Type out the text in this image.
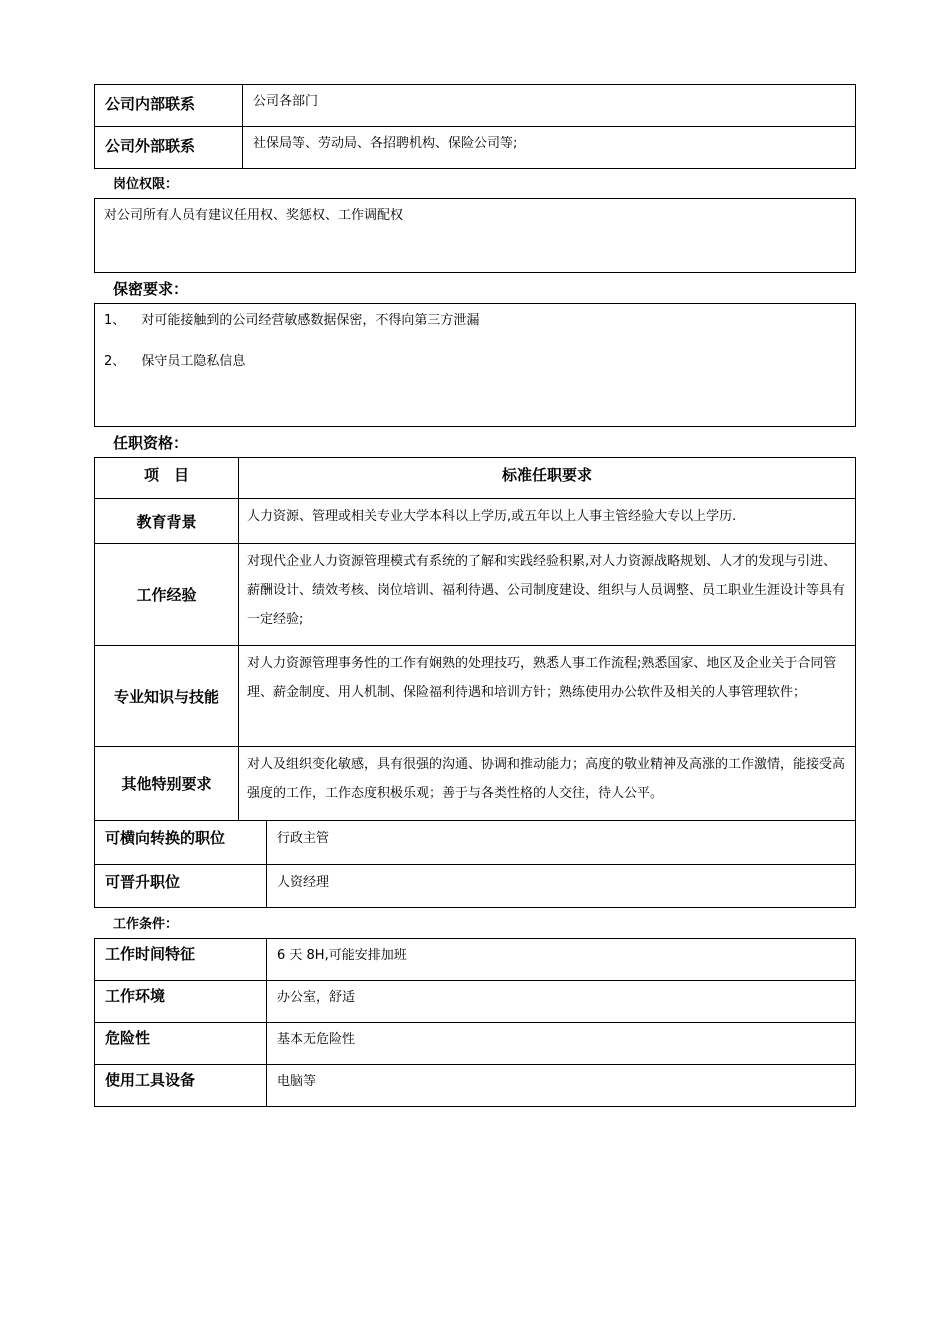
公司内部联系	公司各部门
公司外部联系	社保局等、劳动局、各招聘机构、保险公司等;
岗位权限：
对公司所有人员有建议任用权、奖惩权、工作调配权
保密要求：
1、 对可能接触到的公司经营敏感数据保密，不得向第三方泄漏
2、 保守员工隐私信息
任职资格：
项　目	标准任职要求
教育背景	人力资源、管理或相关专业大学本科以上学历,或五年以上人事主管经验大专以上学历.
工作经验	对现代企业人力资源管理模式有系统的了解和实践经验积累,对人力资源战略规划、人才的发现与引进、薪酬设计、绩效考核、岗位培训、福利待遇、公司制度建设、组织与人员调整、员工职业生涯设计等具有一定经验;
专业知识与技能	对人力资源管理事务性的工作有娴熟的处理技巧，熟悉人事工作流程;熟悉国家、地区及企业关于合同管理、薪金制度、用人机制、保险福利待遇和培训方针；熟练使用办公软件及相关的人事管理软件；
其他特别要求	对人及组织变化敏感，具有很强的沟通、协调和推动能力；高度的敬业精神及高涨的工作激情，能接受高强度的工作，工作态度积极乐观；善于与各类性格的人交往，待人公平。
可横向转换的职位	行政主管
可晋升职位	人资经理
工作条件：
工作时间特征	6 天 8H,可能安排加班
工作环境	办公室，舒适
危险性	基本无危险性
使用工具设备	电脑等
